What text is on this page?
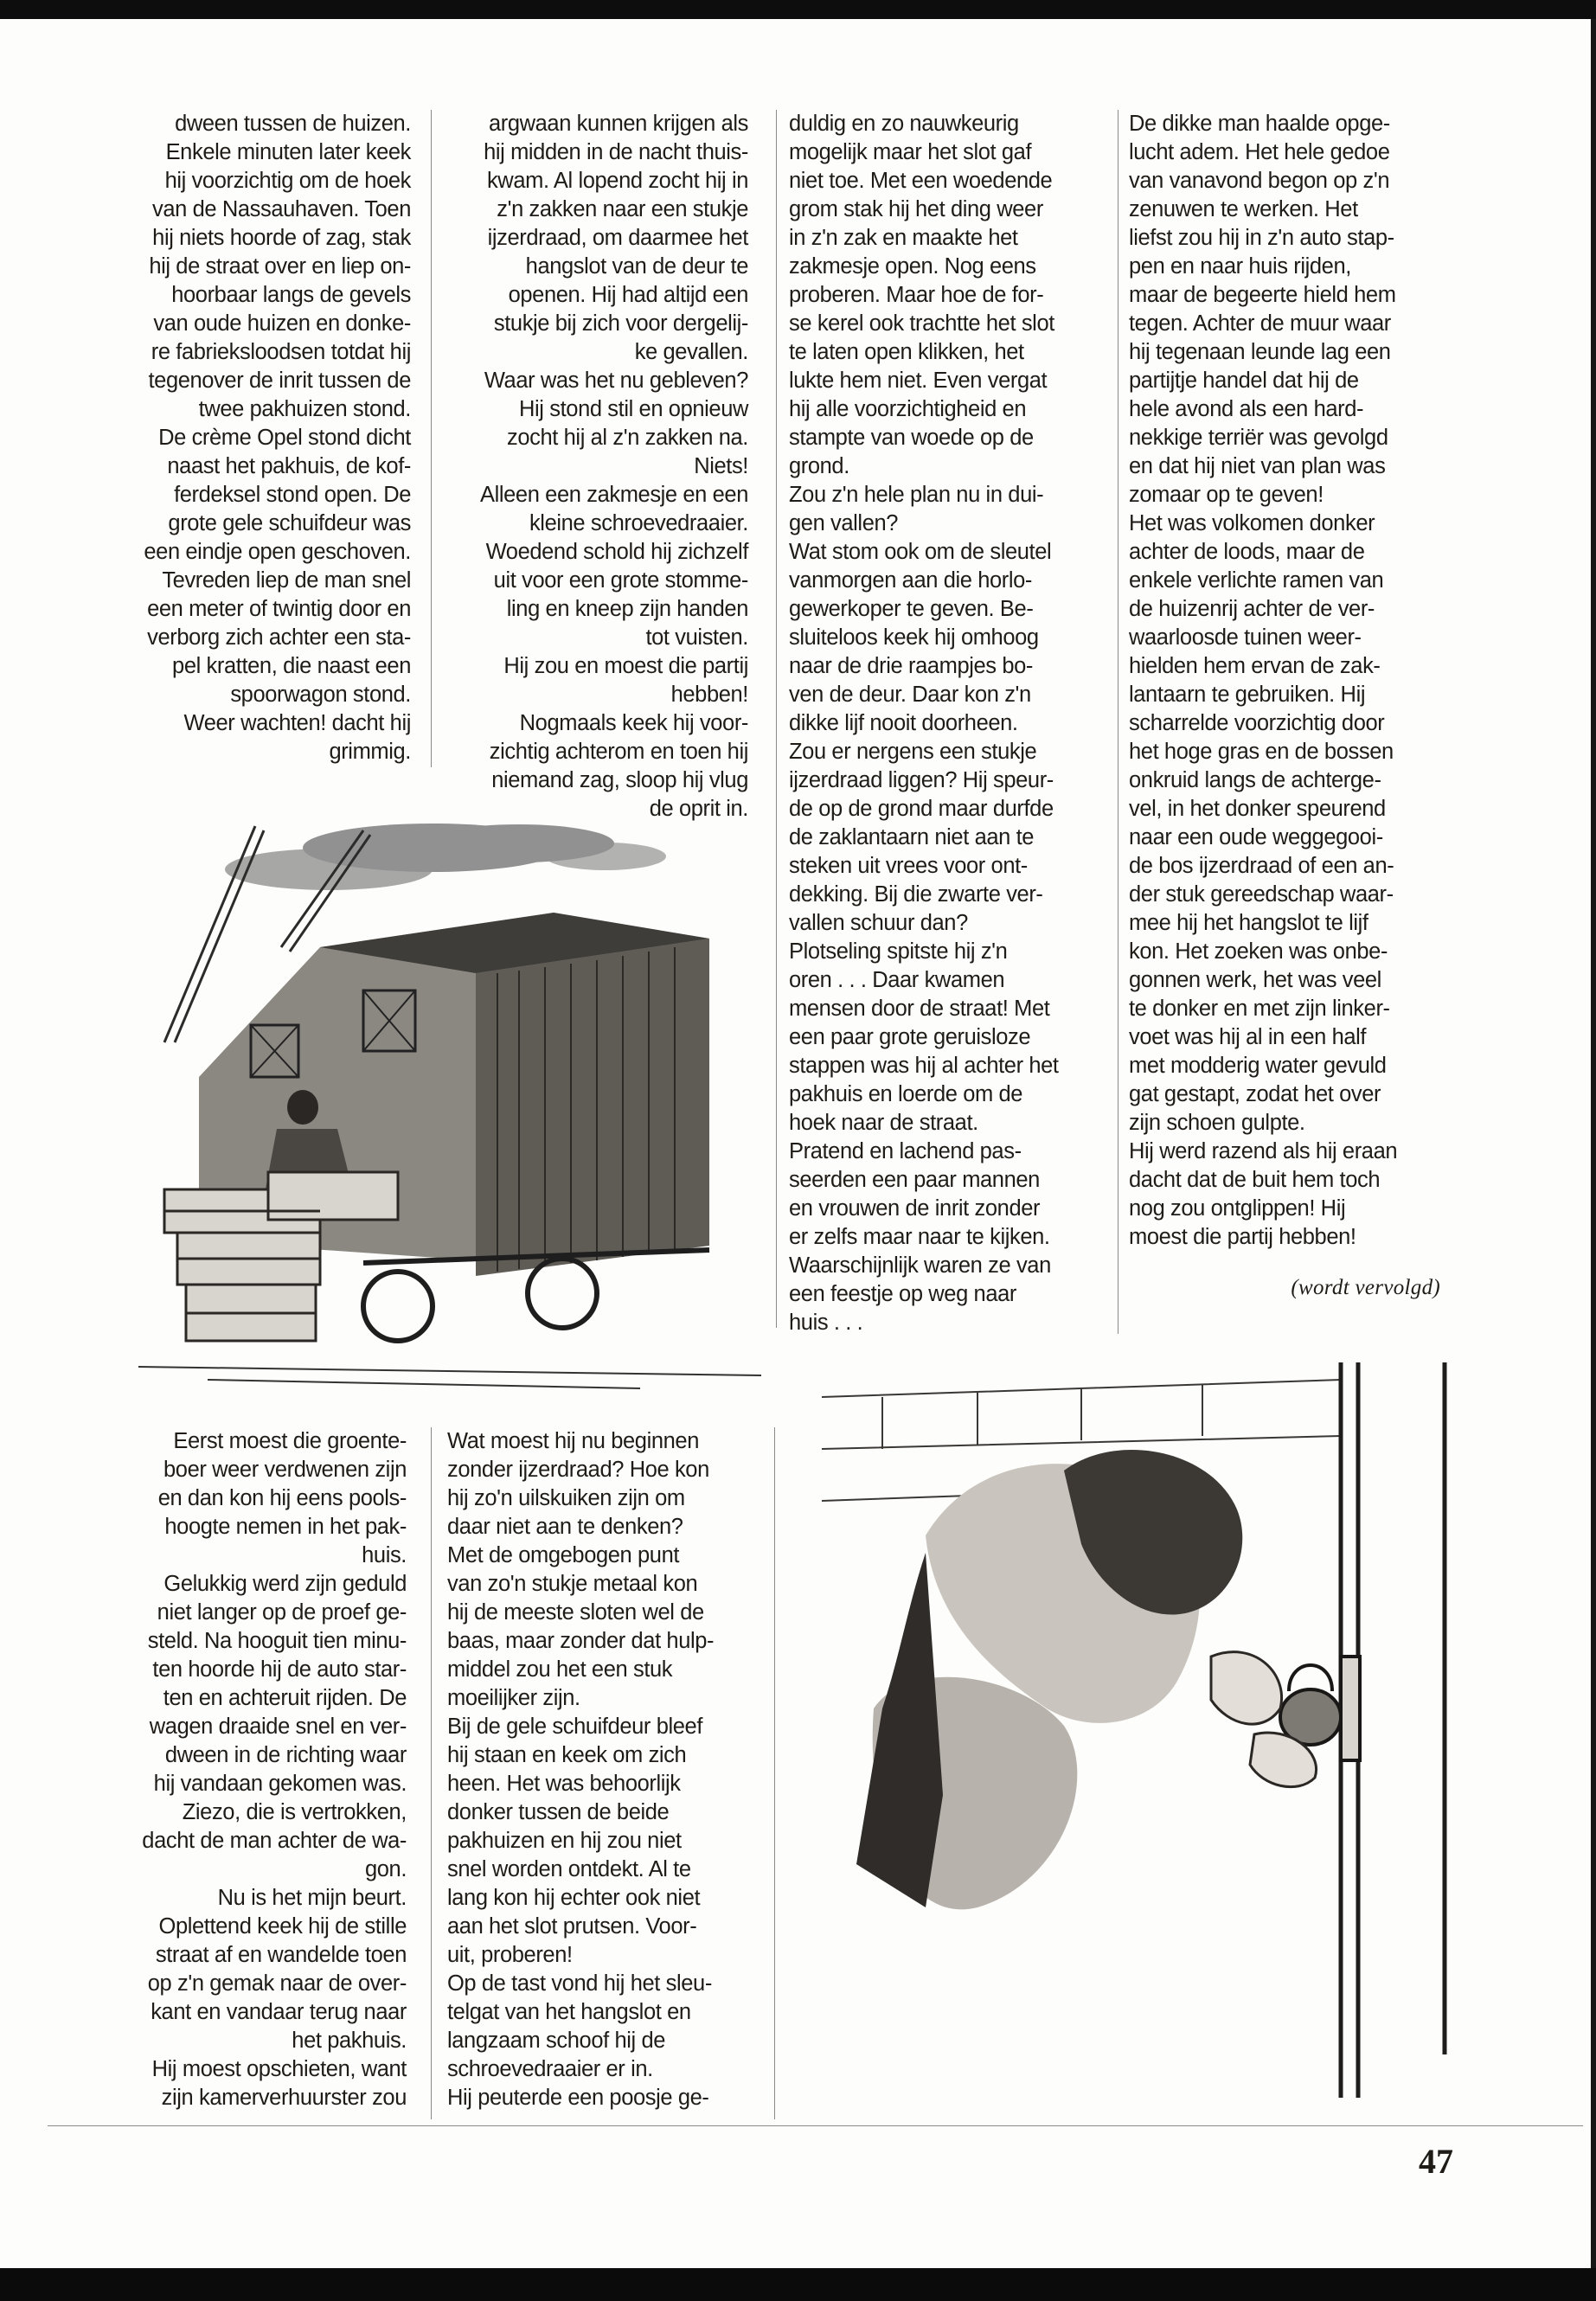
dween tussen de huizen.

Enkele minuten later keek

hij voorzichtig om de hoek

van de Nassauhaven. Toen

hij niets hoorde of zag, stak

hij de straat over en liep on-

hoorbaar langs de gevels

van oude huizen en donke-

re fabrieksloodsen totdat hij

tegenover de inrit tussen de

twee pakhuizen stond.

De crème Opel stond dicht

naast het pakhuis, de kof-

ferdeksel stond open. De

grote gele schuifdeur was

een eindje open geschoven.

Tevreden liep de man snel

een meter of twintig door en

verborg zich achter een sta-

pel kratten, die naast een

spoorwagon stond.

Weer wachten! dacht hij

grimmig.

argwaan kunnen krijgen als

hij midden in de nacht thuis-

kwam. Al lopend zocht hij in

z'n zakken naar een stukje

ijzerdraad, om daarmee het

hangslot van de deur te

openen. Hij had altijd een

stukje bij zich voor dergelij-

ke gevallen.

Waar was het nu gebleven?

Hij stond stil en opnieuw

zocht hij al z'n zakken na.

Niets!

Alleen een zakmesje en een

kleine schroevedraaier.

Woedend schold hij zichzelf

uit voor een grote stomme-

ling en kneep zijn handen

tot vuisten.

Hij zou en moest die partij

hebben!

Nogmaals keek hij voor-

zichtig achterom en toen hij

niemand zag, sloop hij vlug

de oprit in.

duldig en zo nauwkeurig

mogelijk maar het slot gaf

niet toe. Met een woedende

grom stak hij het ding weer

in z'n zak en maakte het

zakmesje open. Nog eens

proberen. Maar hoe de for-

se kerel ook trachtte het slot

te laten open klikken, het

lukte hem niet. Even vergat

hij alle voorzichtigheid en

stampte van woede op de

grond.

Zou z'n hele plan nu in dui-

gen vallen?

Wat stom ook om de sleutel

vanmorgen aan die horlo-

gewerkoper te geven. Be-

sluiteloos keek hij omhoog

naar de drie raampjes bo-

ven de deur. Daar kon z'n

dikke lijf nooit doorheen.

Zou er nergens een stukje

ijzerdraad liggen? Hij speur-

de op de grond maar durfde

de zaklantaarn niet aan te

steken uit vrees voor ont-

dekking. Bij die zwarte ver-

vallen schuur dan?

Plotseling spitste hij z'n

oren . . . Daar kwamen

mensen door de straat! Met

een paar grote geruisloze

stappen was hij al achter het

pakhuis en loerde om de

hoek naar de straat.

Pratend en lachend pas-

seerden een paar mannen

en vrouwen de inrit zonder

er zelfs maar naar te kijken.

Waarschijnlijk waren ze van

een feestje op weg naar

huis . . .

De dikke man haalde opge-

lucht adem. Het hele gedoe

van vanavond begon op z'n

zenuwen te werken. Het

liefst zou hij in z'n auto stap-

pen en naar huis rijden,

maar de begeerte hield hem

tegen. Achter de muur waar

hij tegenaan leunde lag een

partijtje handel dat hij de

hele avond als een hard-

nekkige terriër was gevolgd

en dat hij niet van plan was

zomaar op te geven!

Het was volkomen donker

achter de loods, maar de

enkele verlichte ramen van

de huizenrij achter de ver-

waarloosde tuinen weer-

hielden hem ervan de zak-

lantaarn te gebruiken. Hij

scharrelde voorzichtig door

het hoge gras en de bossen

onkruid langs de achterge-

vel, in het donker speurend

naar een oude weggegooi-

de bos ijzerdraad of een an-

der stuk gereedschap waar-

mee hij het hangslot te lijf

kon. Het zoeken was onbe-

gonnen werk, het was veel

te donker en met zijn linker-

voet was hij al in een half

met modderig water gevuld

gat gestapt, zodat het over

zijn schoen gulpte.

Hij werd razend als hij eraan

dacht dat de buit hem toch

nog zou ontglippen! Hij

moest die partij hebben!

Eerst moest die groente-

boer weer verdwenen zijn

en dan kon hij eens pools-

hoogte nemen in het pak-

huis.

Gelukkig werd zijn geduld

niet langer op de proef ge-

steld. Na hooguit tien minu-

ten hoorde hij de auto star-

ten en achteruit rijden. De

wagen draaide snel en ver-

dween in de richting waar

hij vandaan gekomen was.

Ziezo, die is vertrokken,

dacht de man achter de wa-

gon.

Nu is het mijn beurt.

Oplettend keek hij de stille

straat af en wandelde toen

op z'n gemak naar de over-

kant en vandaar terug naar

het pakhuis.

Hij moest opschieten, want

zijn kamerverhuurster zou

Wat moest hij nu beginnen

zonder ijzerdraad? Hoe kon

hij zo'n uilskuiken zijn om

daar niet aan te denken?

Met de omgebogen punt

van zo'n stukje metaal kon

hij de meeste sloten wel de

baas, maar zonder dat hulp-

middel zou het een stuk

moeilijker zijn.

Bij de gele schuifdeur bleef

hij staan en keek om zich

heen. Het was behoorlijk

donker tussen de beide

pakhuizen en hij zou niet

snel worden ontdekt. Al te

lang kon hij echter ook niet

aan het slot prutsen. Voor-

uit, proberen!

Op de tast vond hij het sleu-

telgat van het hangslot en

langzaam schoof hij de

schroevedraaier er in.

Hij peuterde een poosje ge-

(wordt vervolgd)
47
